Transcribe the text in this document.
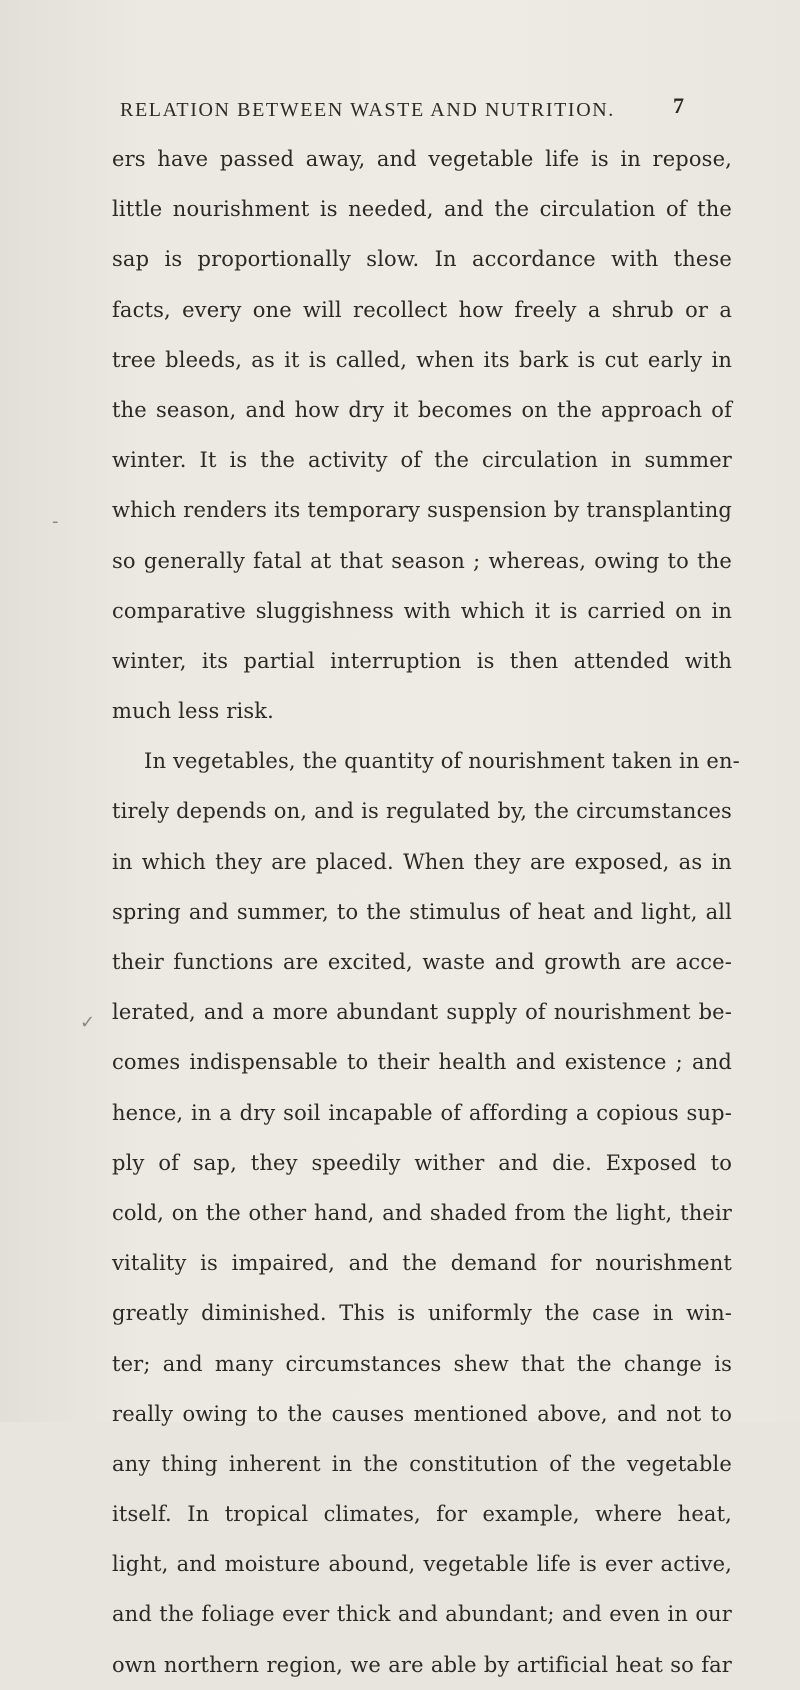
RELATION BETWEEN WASTE AND NUTRITION.	7
ers have passed away, and vegetable life is in repose,
little nourishment is needed, and the circulation of the
sap is proportionally slow. In accordance with these
facts, every one will recollect how freely a shrub or a
tree bleeds, as it is called, when its bark is cut early in
the season, and how dry it becomes on the approach of
winter. It is the activity of the circulation in summer
which renders its temporary suspension by transplanting
so generally fatal at that season ; whereas, owing to the
comparative sluggishness with which it is carried on in
winter, its partial interruption is then attended with
much less risk.
In vegetables, the quantity of nourishment taken in en-
tirely depends on, and is regulated by, the circumstances
in which they are placed. When they are exposed, as in
spring and summer, to the stimulus of heat and light, all
their functions are excited, waste and growth are acce-
lerated, and a more abundant supply of nourishment be-
comes indispensable to their health and existence ; and
hence, in a dry soil incapable of affording a copious sup-
ply of sap, they speedily wither and die. Exposed to
cold, on the other hand, and shaded from the light, their
vitality is impaired, and the demand for nourishment
greatly diminished. This is uniformly the case in win-
ter; and many circumstances shew that the change is
really owing to the causes mentioned above, and not to
any thing inherent in the constitution of the vegetable
itself. In tropical climates, for example, where heat,
light, and moisture abound, vegetable life is ever active,
and the foliage ever thick and abundant; and even in our
own northern region, we are able by artificial heat so far
-
✓
